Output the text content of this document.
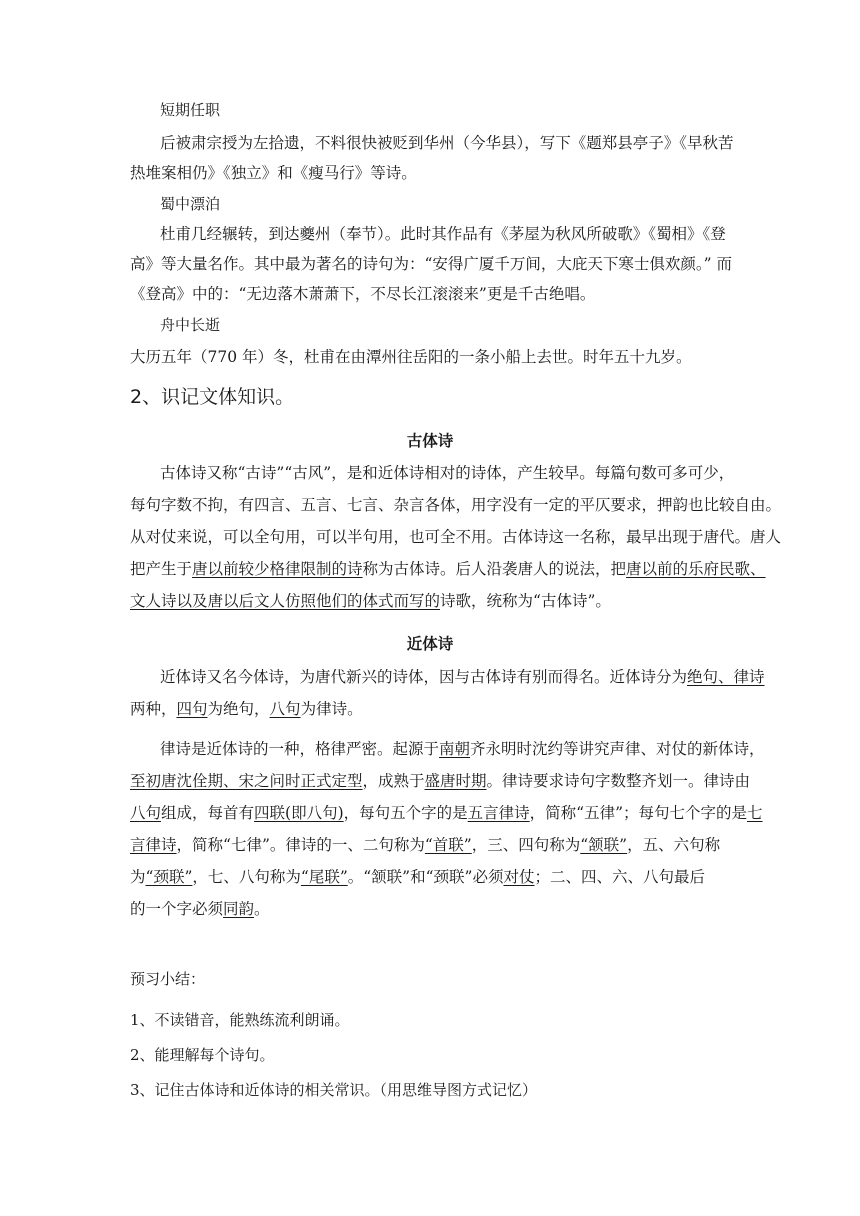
短期任职
后被肃宗授为左拾遗，不料很快被贬到华州（今华县），写下《题郑县亭子》《早秋苦
热堆案相仍》《独立》和《瘦马行》等诗。
蜀中漂泊
杜甫几经辗转，到达夔州（奉节）。此时其作品有《茅屋为秋风所破歌》《蜀相》《登
高》等大量名作。其中最为著名的诗句为：“安得广厦千万间，大庇天下寒士俱欢颜。” 而
《登高》中的：“无边落木萧萧下，不尽长江滚滚来”更是千古绝唱。
舟中长逝
大历五年（770 年）冬，杜甫在由潭州往岳阳的一条小船上去世。时年五十九岁。
2、识记文体知识。
古体诗
古体诗又称“古诗”“古风”，是和近体诗相对的诗体，产生较早。每篇句数可多可少，
每句字数不拘，有四言、五言、七言、杂言各体，用字没有一定的平仄要求，押韵也比较自由。
从对仗来说，可以全句用，可以半句用，也可全不用。古体诗这一名称，最早出现于唐代。唐人
把产生于唐以前较少格律限制的诗称为古体诗。后人沿袭唐人的说法，把唐以前的乐府民歌、
文人诗以及唐以后文人仿照他们的体式而写的诗歌，统称为“古体诗”。
近体诗
近体诗又名今体诗，为唐代新兴的诗体，因与古体诗有别而得名。近体诗分为绝句、律诗
两种，四句为绝句，八句为律诗。
律诗是近体诗的一种，格律严密。起源于南朝齐永明时沈约等讲究声律、对仗的新体诗，
至初唐沈佺期、宋之问时正式定型，成熟于盛唐时期。律诗要求诗句字数整齐划一。律诗由
八句组成，每首有四联(即八句)，每句五个字的是五言律诗，简称“五律”；每句七个字的是七
言律诗，简称“七律”。律诗的一、二句称为“首联”，三、四句称为“颔联”，五、六句称
为“颈联”，七、八句称为“尾联”。“颔联”和“颈联”必须对仗；二、四、六、八句最后
的一个字必须同韵。
预习小结：
1、不读错音，能熟练流利朗诵。
2、能理解每个诗句。
3、记住古体诗和近体诗的相关常识。（用思维导图方式记忆）
